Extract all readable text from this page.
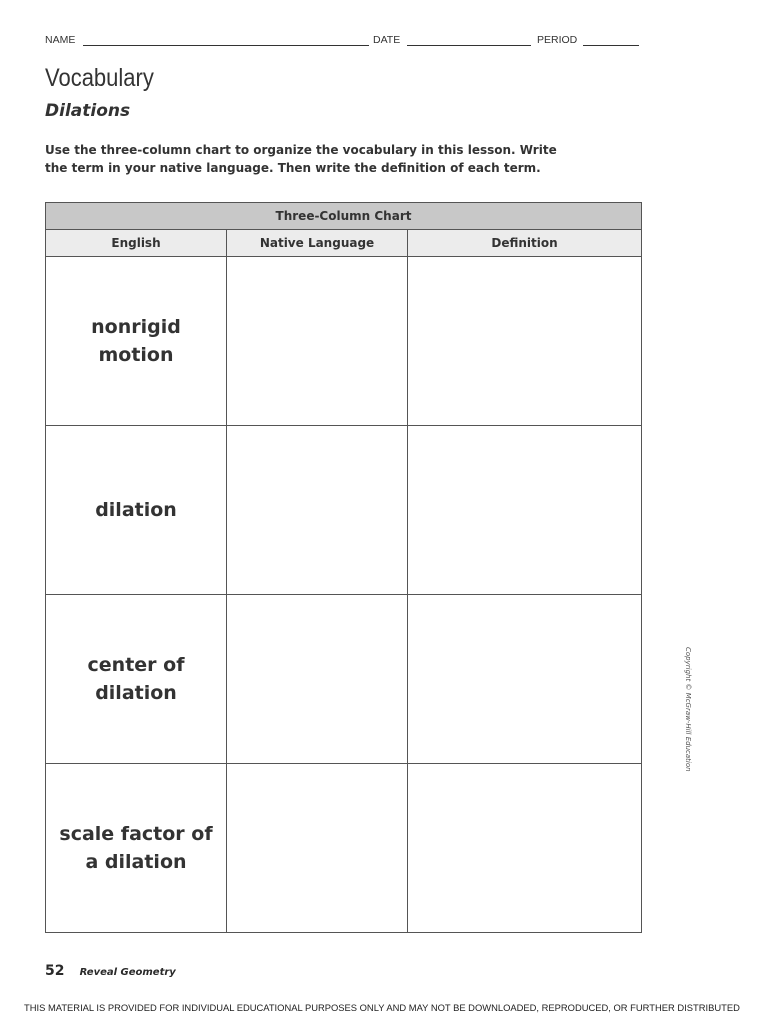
NAME	DATE	PERIOD
Vocabulary
Dilations

Use the three-column chart to organize the vocabulary in this lesson. Write the term in your native language. Then write the definition of each term.

Three-Column Chart		
English	Native Language	Definition
nonrigid motion		
dilation		
center of dilation		
scale factor of a dilation		
Copyright © McGraw-Hill Education
52 Reveal Geometry
THIS MATERIAL IS PROVIDED FOR INDIVIDUAL EDUCATIONAL PURPOSES ONLY AND MAY NOT BE DOWNLOADED, REPRODUCED, OR FURTHER DISTRIBUTED
